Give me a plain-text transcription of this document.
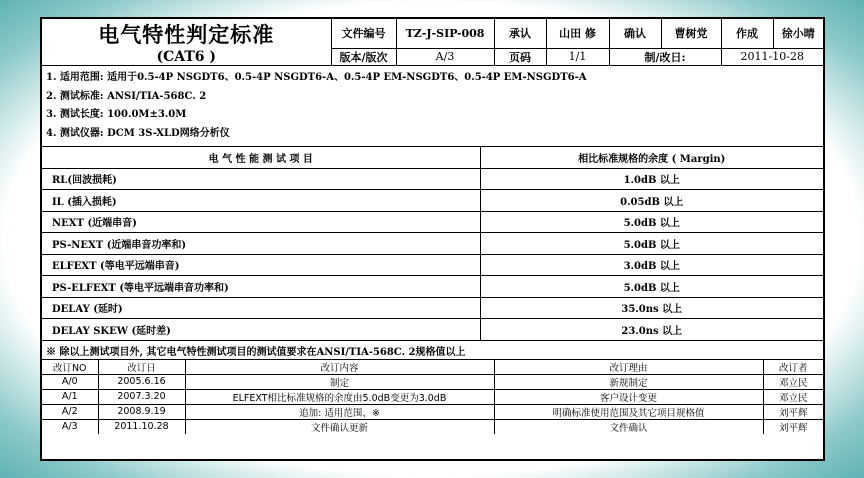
电气特性判定标准
(CAT6 )	文件编号	TZ-J-SIP-008	承认	山田 修	确认	曹树党	作成	徐小晴
	版本/版次	A/3	页码	1/1	制/改日:		2011-10-28	
1. 适用范围: 适用于0.5-4P NSGDT6、0.5-4P NSGDT6-A、0.5-4P EM-NSGDT6、0.5-4P EM-NSGDT6-A
2. 测试标准: ANSI/TIA-568C. 2
3. 测试长度: 100.0M±3.0M
4. 测试仪器: DCM 3S-XLD网络分析仪
电 气 性 能 测 试 项 目	相比标准规格的余度 ( Margin)
RL(回波损耗)	1.0dB 以上
IL (插入损耗)	0.05dB 以上
NEXT (近端串音)	5.0dB 以上
PS-NEXT (近端串音功率和)	5.0dB 以上
ELFEXT (等电平远端串音)	3.0dB 以上
PS-ELFEXT (等电平远端串音功率和)	5.0dB 以上
DELAY (延时)	35.0ns 以上
DELAY SKEW (延时差)	23.0ns 以上
※ 除以上测试项目外, 其它电气特性测试项目的测试值要求在ANSI/TIA-568C. 2规格值以上
改订NO	改订日	改订内容	改订理由	改订者
A/0	2005.6.16	制定	新规制定	邓立民
A/1	2007.3.20	ELFEXT相比标准规格的余度由5.0dB变更为3.0dB	客户设计变更	邓立民
A/2	2008.9.19	追加: 适用范围、※	明确标准使用范围及其它项目规格值	刘平辉
A/3	2011.10.28	文件确认更新	文件确认	刘平辉
